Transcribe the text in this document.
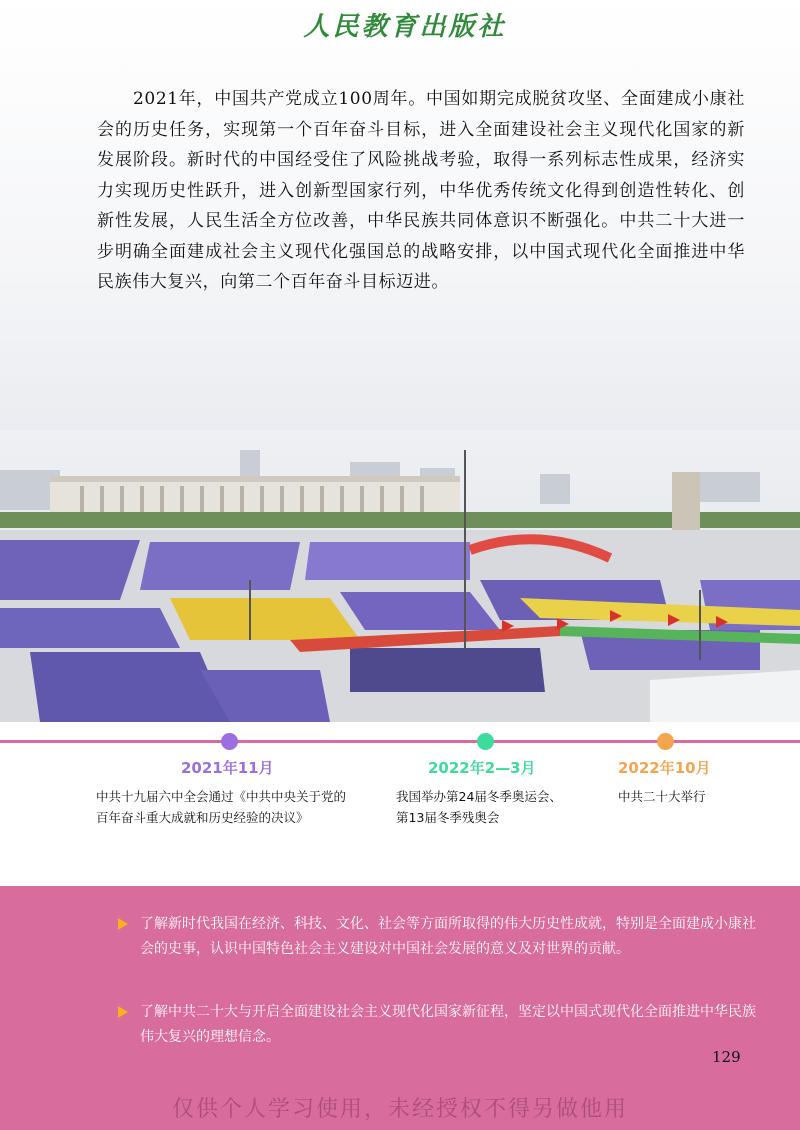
人民教育出版社

2021年，中国共产党成立100周年。中国如期完成脱贫攻坚、全面建成小康社会的历史任务，实现第一个百年奋斗目标，进入全面建设社会主义现代化国家的新发展阶段。新时代的中国经受住了风险挑战考验，取得一系列标志性成果，经济实力实现历史性跃升，进入创新型国家行列，中华优秀传统文化得到创造性转化、创新性发展，人民生活全方位改善，中华民族共同体意识不断强化。中共二十大进一步明确全面建成社会主义现代化强国总的战略安排，以中国式现代化全面推进中华民族伟大复兴，向第二个百年奋斗目标迈进。

2021年11月
中共十九届六中全会通过《中共中央关于党的
百年奋斗重大成就和历史经验的决议》
2022年2—3月
我国举办第24届冬季奥运会、
第13届冬季残奥会
2022年10月
中共二十大举行
了解新时代我国在经济、科技、文化、社会等方面所取得的伟大历史性成就，特别是全面建成小康社会的史事，认识中国特色社会主义建设对中国社会发展的意义及对世界的贡献。
了解中共二十大与开启全面建设社会主义现代化国家新征程，坚定以中国式现代化全面推进中华民族伟大复兴的理想信念。
129
仅供个人学习使用，未经授权不得另做他用
